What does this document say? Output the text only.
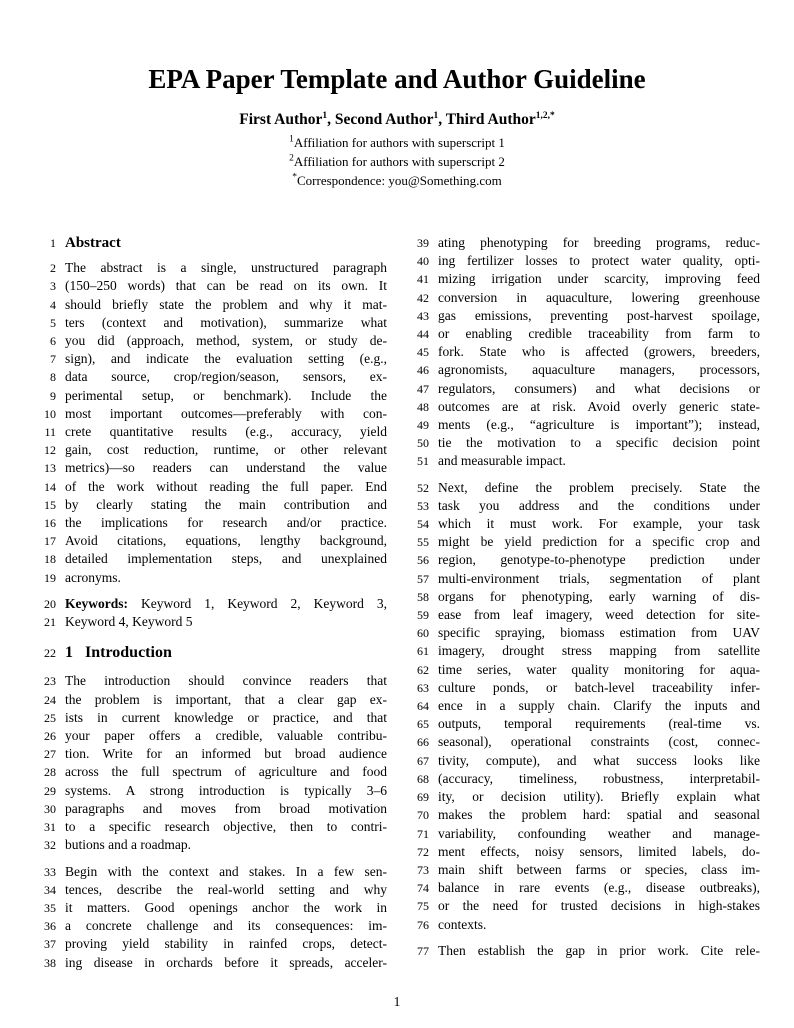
EPA Paper Template and Author Guideline
First Author$^1$, Second Author$^1$, Third Author$^{1,2,*}$
$^1$Affiliation for authors with superscript 1
$^2$Affiliation for authors with superscript 2
*Correspondence: you@Something.com
1 Abstract
2 The abstract is a single, unstructured paragraph
3 (150–250 words) that can be read on its own. It
4 should briefly state the problem and why it mat-
5 ters (context and motivation), summarize what
6 you did (approach, method, system, or study de-
7 sign), and indicate the evaluation setting (e.g.,
8 data source, crop/region/season, sensors, ex-
9 perimental setup, or benchmark). Include the
10 most important outcomes—preferably with con-
11 crete quantitative results (e.g., accuracy, yield
12 gain, cost reduction, runtime, or other relevant
13 metrics)—so readers can understand the value
14 of the work without reading the full paper. End
15 by clearly stating the main contribution and
16 the implications for research and/or practice.
17 Avoid citations, equations, lengthy background,
18 detailed implementation steps, and unexplained
19 acronyms.
20 Keywords: Keyword 1, Keyword 2, Keyword 3,
21 Keyword 4, Keyword 5
22 1   Introduction
23 The introduction should convince readers that
24 the problem is important, that a clear gap ex-
25 ists in current knowledge or practice, and that
26 your paper offers a credible, valuable contribu-
27 tion. Write for an informed but broad audience
28 across the full spectrum of agriculture and food
29 systems. A strong introduction is typically 3–6
30 paragraphs and moves from broad motivation
31 to a specific research objective, then to contri-
32 butions and a roadmap.
33 Begin with the context and stakes. In a few sen-
34 tences, describe the real-world setting and why
35 it matters. Good openings anchor the work in
36 a concrete challenge and its consequences: im-
37 proving yield stability in rainfed crops, detect-
38 ing disease in orchards before it spreads, acceler-
39 ating phenotyping for breeding programs, reduc-
40 ing fertilizer losses to protect water quality, opti-
41 mizing irrigation under scarcity, improving feed
42 conversion in aquaculture, lowering greenhouse
43 gas emissions, preventing post-harvest spoilage,
44 or enabling credible traceability from farm to
45 fork. State who is affected (growers, breeders,
46 agronomists, aquaculture managers, processors,
47 regulators, consumers) and what decisions or
48 outcomes are at risk. Avoid overly generic state-
49 ments (e.g., “agriculture is important”); instead,
50 tie the motivation to a specific decision point
51 and measurable impact.
52 Next, define the problem precisely. State the
53 task you address and the conditions under
54 which it must work. For example, your task
55 might be yield prediction for a specific crop and
56 region, genotype-to-phenotype prediction under
57 multi-environment trials, segmentation of plant
58 organs for phenotyping, early warning of dis-
59 ease from leaf imagery, weed detection for site-
60 specific spraying, biomass estimation from UAV
61 imagery, drought stress mapping from satellite
62 time series, water quality monitoring for aqua-
63 culture ponds, or batch-level traceability infer-
64 ence in a supply chain. Clarify the inputs and
65 outputs, temporal requirements (real-time vs.
66 seasonal), operational constraints (cost, connec-
67 tivity, compute), and what success looks like
68 (accuracy, timeliness, robustness, interpretabil-
69 ity, or decision utility). Briefly explain what
70 makes the problem hard: spatial and seasonal
71 variability, confounding weather and manage-
72 ment effects, noisy sensors, limited labels, do-
73 main shift between farms or species, class im-
74 balance in rare events (e.g., disease outbreaks),
75 or the need for trusted decisions in high-stakes
76 contexts.
77 Then establish the gap in prior work. Cite rele-
1
